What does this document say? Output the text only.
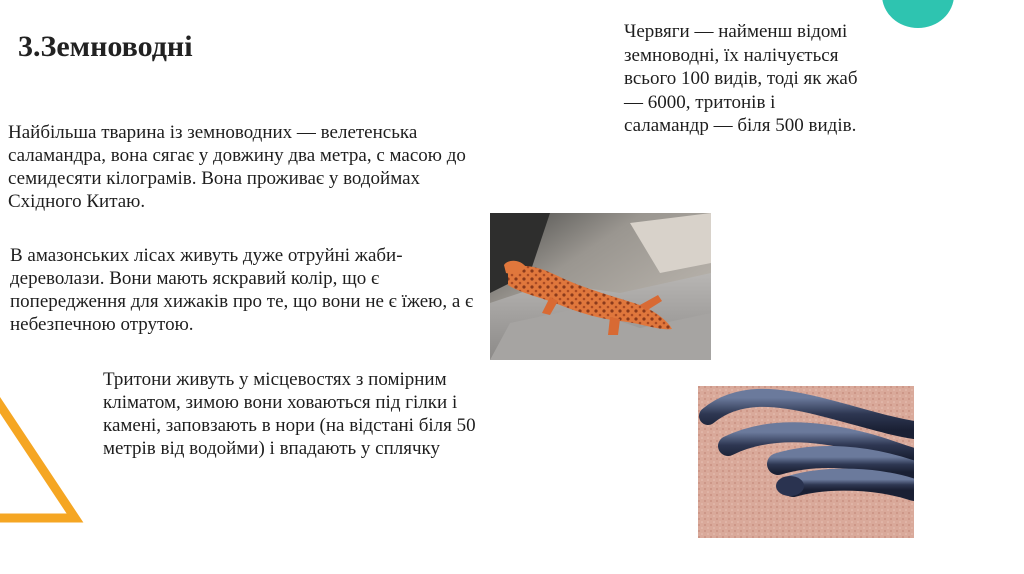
3.Земноводні
Найбільша тварина із земноводних — велетенська саламандра, вона сягає у довжину два метра, с масою до семидесяти кілограмів. Вона проживає у водоймах Східного Китаю.
В амазонських лісах живуть дуже отруйні жаби-дереволази. Вони мають яскравий колір, що є попередження для хижаків про те, що вони не є їжею, а є небезпечною отрутою.
Тритони живуть у місцевостях з помірним кліматом, зимою вони ховаються під гілки і камені, заповзають в нори (на відстані біля 50 метрів від водойми) і впадають у сплячку
Червяги — найменш відомі земноводні, їх налічується всього 100 видів, тоді як жаб — 6000, тритонів і саламандр — біля 500 видів.
